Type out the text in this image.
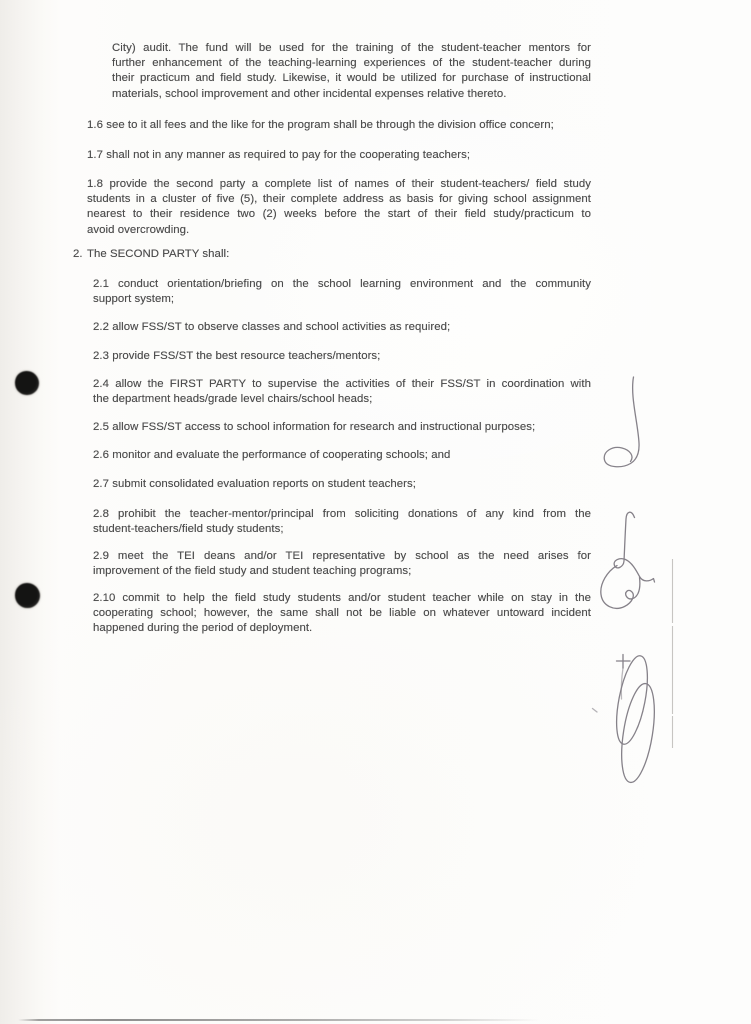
City) audit. The fund will be used for the training of the student-teacher mentors for
further enhancement of the teaching-learning experiences of the student-teacher during
their practicum and field study. Likewise, it would be utilized for purchase of instructional
materials, school improvement and other incidental expenses relative thereto.
1.6 see to it all fees and the like for the program shall be through the division office concern;
1.7 shall not in any manner as required to pay for the cooperating teachers;
1.8 provide the second party a complete list of names of their student-teachers/ field study
students in a cluster of five (5), their complete address as basis for giving school assignment
nearest to their residence two (2) weeks before the start of their field study/practicum to
avoid overcrowding.
2. The SECOND PARTY shall:
2.1 conduct orientation/briefing on the school learning environment and the community
support system;
2.2 allow FSS/ST to observe classes and school activities as required;
2.3 provide FSS/ST the best resource teachers/mentors;
2.4 allow the FIRST PARTY to supervise the activities of their FSS/ST in coordination with
the department heads/grade level chairs/school heads;
2.5 allow FSS/ST access to school information for research and instructional purposes;
2.6 monitor and evaluate the performance of cooperating schools; and
2.7 submit consolidated evaluation reports on student teachers;
2.8 prohibit the teacher-mentor/principal from soliciting donations of any kind from the
student-teachers/field study students;
2.9 meet the TEI deans and/or TEI representative by school as the need arises for
improvement of the field study and student teaching programs;
2.10 commit to help the field study students and/or student teacher while on stay in the
cooperating school; however, the same shall not be liable on whatever untoward incident
happened during the period of deployment.
